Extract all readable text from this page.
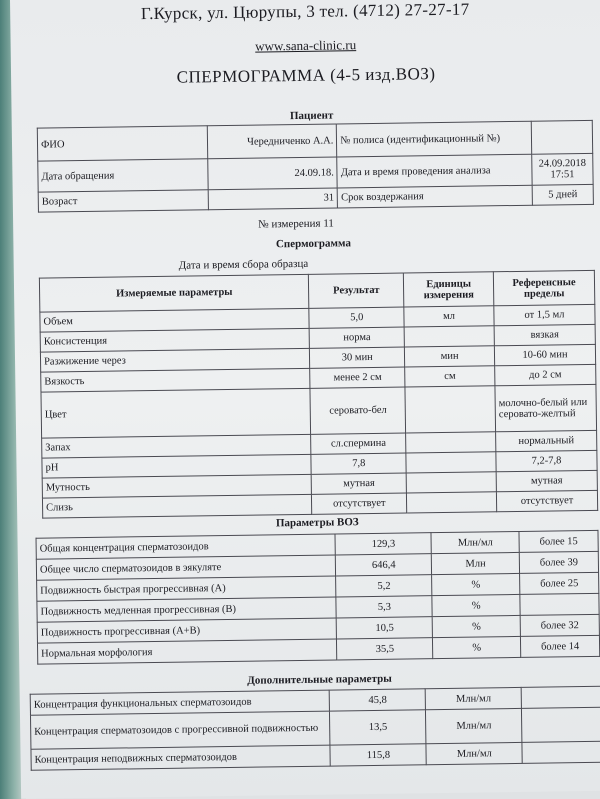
Г.Курск, ул. Цюрупы, 3 тел. (4712) 27-27-17
www.sana-clinic.ru
СПЕРМОГРАММА (4-5 изд.ВОЗ)
Пациент
ФИО	Чередниченко А.А.	№ полиса (идентификационный №)	
Дата обращения	24.09.18.	Дата и время проведения анализа	24.09.2018 17:51
Возраст	31	Срок воздержания	5 дней
№ измерения 11
Спермограмма
Дата и время сбора образца
Измеряемые параметры	Результат	Единицы измерения	Референсные пределы
Объем	5,0	мл	от 1,5 мл
Консистенция	норма		вязкая
Разжижение через	30 мин	мин	10-60 мин
Вязкость	менее 2 см	см	до 2 см
Цвет	серовато-бел		молочно-белый или серовато-желтый
Запах	сл.спермина		нормальный
pH	7,8		7,2-7,8
Мутность	мутная		мутная
Слизь	отсутствует		отсутствует
Параметры ВОЗ
Общая концентрация сперматозоидов	129,3	Млн/мл	более 15
Общее число сперматозоидов в эякуляте	646,4	Млн	более 39
Подвижность быстрая прогрессивная (А)	5,2	%	более 25
Подвижность медленная прогрессивная (В)	5,3	%	
Подвижность прогрессивная (А+В)	10,5	%	более 32
Нормальная морфология	35,5	%	более 14
Дополнительные параметры
Концентрация функциональных сперматозоидов	45,8	Млн/мл	
Концентрация сперматозоидов с прогрессивной подвижностью	13,5	Млн/мл	
Концентрация неподвижных сперматозоидов	115,8	Млн/мл	
